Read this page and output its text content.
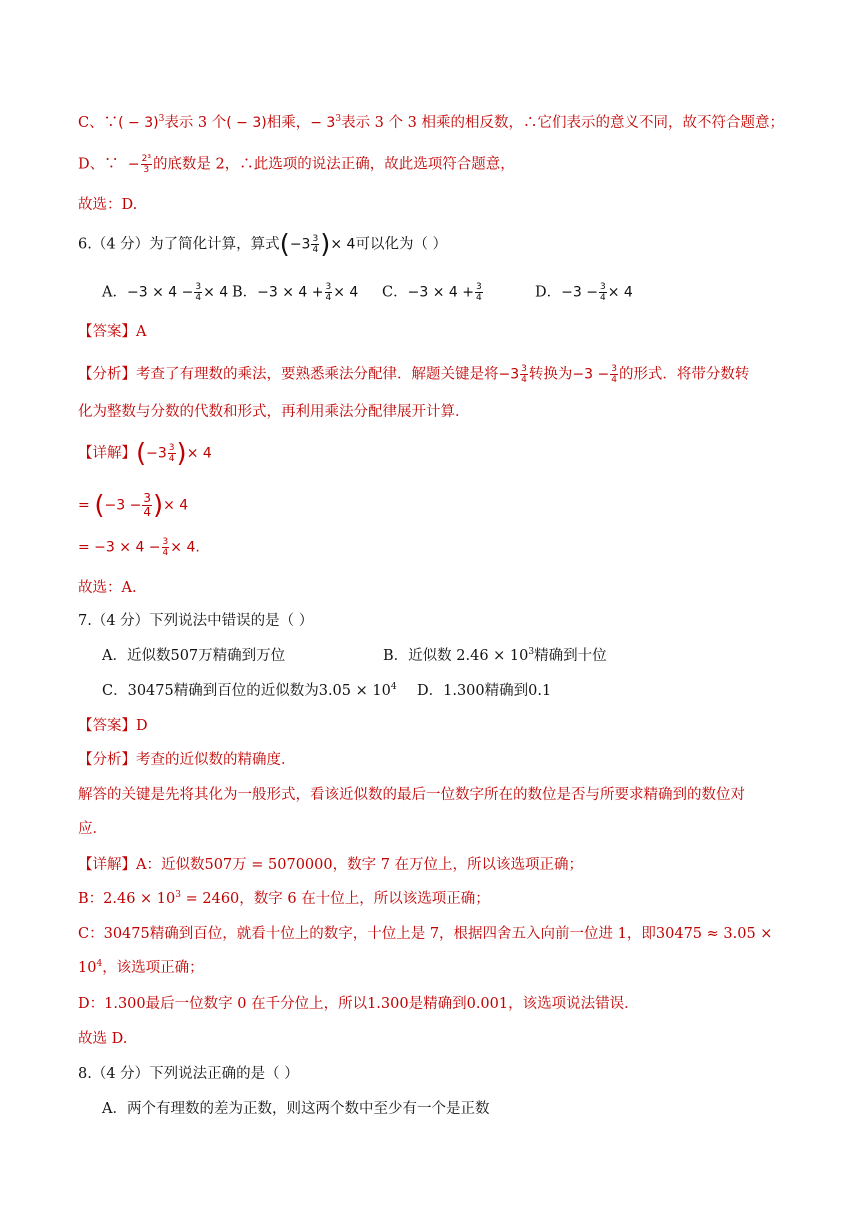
C、∵( − 3)$^3$表示 3 个( − 3)相乘，− $3^3$表示 3 个 3 相乘的相反数，∴它们表示的意义不同，故不符合题意；
D、∵ − $\frac{\text{2³}}{3}$ 的底数是 2，∴此选项的说法正确，故此选项符合题意，
故选：D.
6.（4 分）为了简化计算，算式($-3 \frac{3}{4}$ )× 4可以化为（ ）
A．$-3 \times 4 - \frac{3}{4} \times 4$ B．$-3 \times 4 + \frac{3}{4} \times 4$ C．$-3 \times 4 + \frac{3}{4}$	D．$-3 - \frac{3}{4} \times 4$
【答案】A
【分析】考查了有理数的乘法，要熟悉乘法分配律．解题关键是将$-3 \frac{3}{4}$ 转换为$-3 - \frac{3}{4}$ 的形式．将带分数转
化为整数与分数的代数和形式，再利用乘法分配律展开计算．
【详解】($-3 \frac{3}{4}$ )× 4
= ($-3 - \frac{3}{4}$ )× 4
= $-3 \times 4 - \frac{3}{4} \times 4$.
故选：A.
7.（4 分）下列说法中错误的是（ ）
A．近似数507万精确到万位	B．近似数 $2.46 \times 10^3$精确到十位
C．30475精确到百位的近似数为$3.05 \times 10^4$ D．1.300精确到0.1
【答案】D
【分析】考查的近似数的精确度．
解答的关键是先将其化为一般形式，看该近似数的最后一位数字所在的数位是否与所要求精确到的数位对
应．
【详解】A：近似数507万 = 5070000，数字 7 在万位上，所以该选项正确；
B：$2.46 \times 10^3 = 2460$，数字 6 在十位上，所以该选项正确；
C：30475精确到百位，就看十位上的数字，十位上是 7，根据四舍五入向前一位进 1，即30475 ≈ 3.05 ×
$10^4$，该选项正确；
D：1.300最后一位数字 0 在千分位上，所以1.300是精确到0.001，该选项说法错误．
故选 D.
8.（4 分）下列说法正确的是（ ）
A．两个有理数的差为正数，则这两个数中至少有一个是正数
